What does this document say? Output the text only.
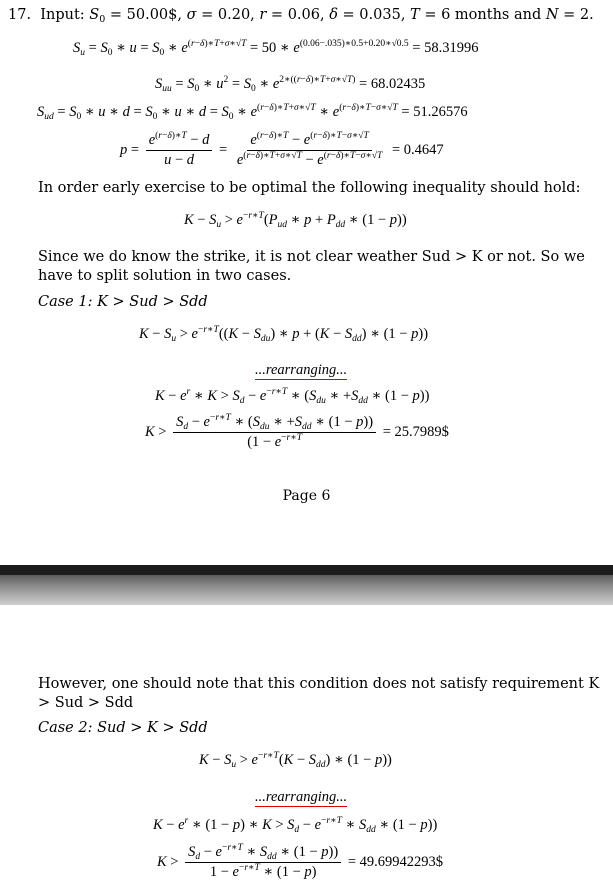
17.  Input: $S_0$ = 50.00$, σ = 0.20, r = 0.06, δ = 0.035, T = 6 months and N = 2.
$S_u = S_0$ ∗ $u = S_0$ ∗ $e^{(r-\delta)∗T+\sigma∗√T} = 50$ ∗ $e^{(0.06-.035)∗0.5+0.20∗√0.5} = 58.31996$
$S_{uu} = S_0$ ∗ $u^2 = S_0$ ∗ $e^{2∗((r-\delta)∗T+\sigma∗√T)} = 68.02435$
$S_{ud} = S_0$ ∗ u ∗ $d = S_0$ ∗ u ∗ $d = S_0$ ∗ $e^{(r-\delta)∗T+\sigma∗√T}$ ∗ $e^{(r-\delta)∗T-\sigma∗√T} = 51.26576$
$p = \frac{e^{(r-\delta)∗T} - d}{u - d} = \frac{e^{(r-\delta)∗T} - e^{(r-\delta)∗T-\sigma∗√T}}{e^{(r-\delta)∗T+\sigma∗√T} - e^{(r-\delta)∗T-\sigma∗√T}} = 0.4647$
In order early exercise to be optimal the following inequality should hold:
$K - S_u > e^{-r∗T}(P_{ud}$ ∗ $p + P_{dd}$ ∗ (1 − p))
Since we do know the strike, it is not clear weather Sud > K or not. So we have to split solution in two cases.
Case 1: K > Sud > Sdd
$K - S_u > e^{-r∗T}((K - S_{du})$ ∗ $p + (K - S_{dd})$ ∗ (1 − p))
...rearranging...
$K - e^r$ ∗ $K > S_d - e^{-r∗T}$ ∗ ($S_{du}$ ∗ $+S_{dd}$ ∗ (1 − p))
$K > \frac{S_d - e^{-r∗T} ∗ (S_{du} ∗ +S_{dd} ∗ (1 - p))}{(1 - e^{-r∗T}}$ = 25.7989$
Page 6
However, one should note that this condition does not satisfy requirement K > Sud > Sdd
Case 2: Sud > K > Sdd
$K - S_u > e^{-r∗T}(K - S_{dd})$ ∗ (1 − p))
...rearranging...
$K - e^r$ ∗ (1 − p) ∗ $K > S_d - e^{-r∗T}$ ∗ $S_{dd}$ ∗ (1 − p))
$K > \frac{S_d - e^{-r∗T} ∗ S_{dd} ∗ (1 - p))}{1 - e^{-r∗T} ∗ (1 - p)}$ = 49.69942293$
